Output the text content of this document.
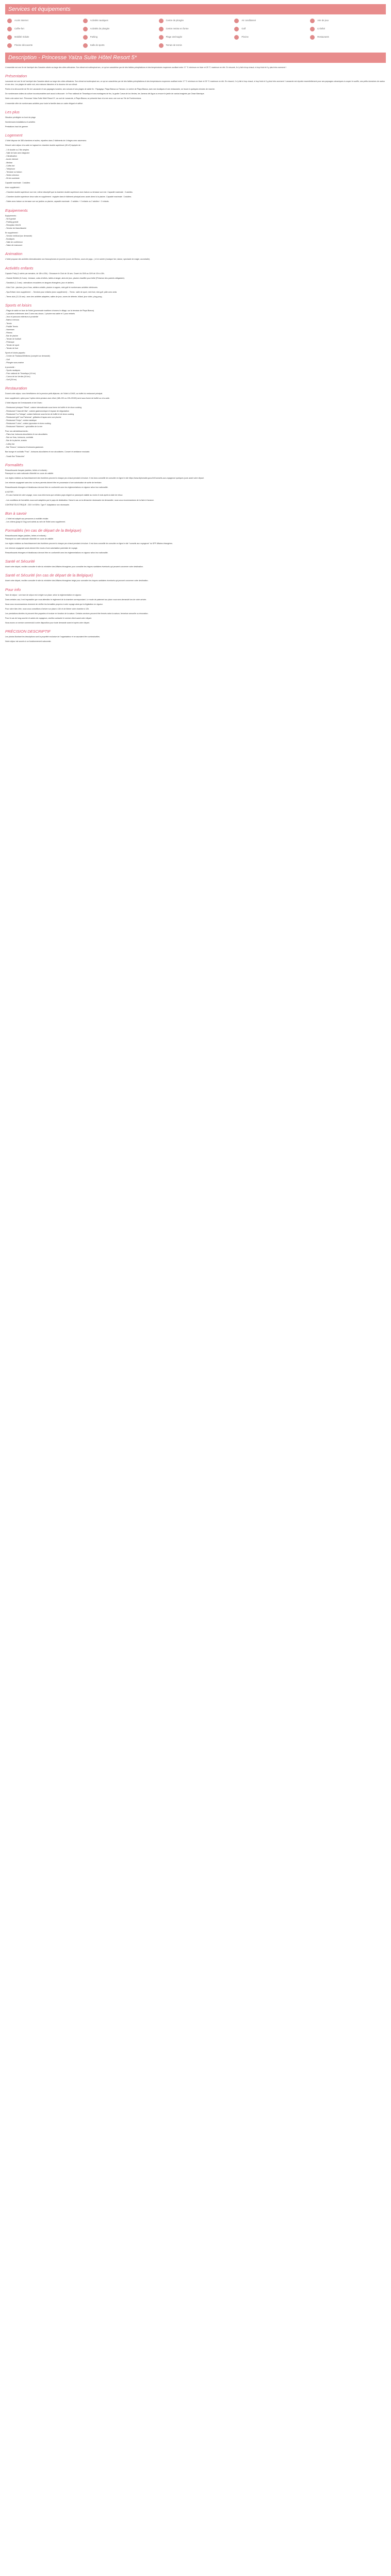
Services et équipements
Accès Internet	Activités nautiques	Centre de plongée	Air conditionné	Aire de jeux
Coffre-fort	Activités de plongée	Centre remise en forme	Golf	Lit bébé
Mobilité réduite	Parking	Plage aménagée	Piscine	Restaurants
Piscine découverte	Salle de sports	Terrain de tennis
Description - Princesse Yaïza Suite Hôtel Resort 5*

L'ensemble est une île de l'archipel des Canaries située au large des côtes africaines. Son climat est subtropical sec, ce qui se caractérise par de très faibles précipitations et des températures moyennes oscillant entre 17 °C minimum en hiver et 25 °C maximum en été. En résumé, il n'y fait ni trop chaud, ni trop froid et il y pleut très rarement !

Présentation

Lanzarote est une île de l'archipel des Canaries située au large des côtes africaines. Son climat est subtropical sec, ce qui se caractérise par de très faibles précipitations et des températures moyennes oscillant entre 17 °C minimum en hiver et 25 °C maximum en été. En résumé, il n'y fait ni trop chaud, ni trop froid et il y pleut très rarement ! Lanzarote est réputée essentiellement pour ses paysages volcaniques à couper le souffle, ses petits domaines de cactus et ses vins. Les plages de sable noir, ses maisons blanches et la douceur de son climat.

Partez à la découverte de l'île de Lanzarote et ses paysages lunaires, ses volcans et ses plages de sable fin : Papagayo, Playa Blanca ou Famara. Le centre de Playa Blanca, avec ses boutiques et ses restaurants, se trouve à quelques minutes de marche.

De nombreuses visites da culture incontournables sont aussi à découvrir : le Parc national de Timanfaya et ses montagnes de feu, la grotte Cueva de los Verdes, les Jameos del Agua ou encore le jardin de cactus imaginés par César Manrique.

Notre vote adore tout : Princesse Yaïza Suite Hôtel Resort 5*, au sud de Lanzarote, à Playa Blanca, se présente face à la mer avec une vue sur l'île de Fuerteventura.

L'ensemble offre de nombreuses activités pour toute la famille dans un cadre élégant et raffiné.

Les plus

Situation privilégiée en bord de plage

Nombreuses installations et activités

Prestations haut de gamme

Logement

L'hôtel dispose de 385 chambres et suites, réparties dans 2 bâtiments de 4 étages avec ascenseur.

Décoré votre séjour à la carte en logeant en chambre double supérieure (45 m²) équipée de :

- 1 lit double ou 2 lits simples
- Salle de bain avec baignoire
- Climatisation
- Accès Internet
- Minibar
- Coffre-fort
- Téléphone
- Terrasse ou balcon
- Sèche-cheveux
- Kit de courtoisie

Capacité maximale : 3 adultes

Avec supplément :

- Chambre double supérieure vue mer, même descriptif que la chambre double supérieure avec balcon ou terrasse vue mer. Capacité maximale : 3 adultes.

- Chambre double supérieure deux nuits en supplément : équipée dans le bâtiment principal avec accès direct à la piscine. Capacité maximale : 3 adultes.

- Suites avec balcon ou terrasse vue sur jardins ou piscine, capacité maximale : 2 adultes + 2 enfants ou 2 adultes + 2 enfants.

Equipements

Equipements :
- Wi-fi gratuit
- Parking gratuit
- Réception 24h/24
- Service de blanchisserie

En supplément :
- Service médical (sur demande)
- Boutiques
- Salle de conférence
- Salon de manucure

Animation

L'hôtel propose des activités internationales non francophones en journée (cours de fitness, cours de yoga...) et en soirée (musique live, danse, spectacle de magie, accrobatie).

Activités enfants

Capsule Party (1 soirée par semaine, de 18h à 20h) : Dinosaure le Club de 16 ans. Ouvert du 30/6 au 15/9 de 10h à 18h.

- Grande Bébête (0-3 ans) : terrasse, coins à bébés, tables à langer, aires de jeux, piscine chauffée pour bébé (Présence des parents obligatoire).

- Sandclub (1-3 ans) : animations encadrées en langues étrangères, jeux et ateliers.

- Kids Club : piscines, jeux d'eau, ateliers créatifs, piscine à vagues, mini-golf et nombreuses activités intérieures.

- Spa Enfant. Avec supplément : - Services pour enfants (avec supplément) : - Teens : salle de sport, mini foot, mini-golf, pâte avec amis

- Teens club (13-16 ans) : avec des activités adaptées, salles de jeux, zones de détente, billard, jeux vidéo, ping-pong...

Sports et loisirs

- Plage de sable en face de l'hôtel (promenade maritime à travers le village, sur la terrasse de Playa Blanca)
- 4 piscines extérieures dont 2 avec eau douce, 1 piscine eau salée et 1 pour enfants
- Jeux et parcours extérieurs à proximité
- Bains à remous
- Tennis
- Paddle Tennis
- Hammam
- Fitness
- Bar de piscine
- Terrain de football
- Pétanque
- Terrain de sport
- Terrain de foot

Sports et loisirs payants :
- Centre de Thalasso/Wellness (complet sur demande)
- Golf
- Plongée sous-marine

A proximité :
- Sports nautiques
- Parc national de Timanfaya (10 km)
- Cueva de los Verdes (44 km)
- Golf (25 km)

Restauration

Durant votre séjour, vous bénéficierez de la pension petit-déjeuner, de l'hôtel à 10h00, au buffet du restaurant principal.

Avec supplément, optez pour l'option demi-pension avec dîner (18h-22h ou 19h-22h30) servi sous forme de buffet ou à la carte.

L'hôtel dispose de 8 restaurants et de 6 bars :

- Restaurant principal "Ritual", cuisine internationale sous forme de buffet et de show cooking
- Restaurant "Casa del Mar", cuisine gastronomique et espace de dégustation
- Restaurant "La Tortuga", cuisine italienne sous forme de buffet et de show cooking
- Restaurant grill "Las Palmeras", grillades et tapas avec vue piscine
- Restaurant "Koiyu", cuisine asiatique
- Restaurant "Lotus", cuisine japonaise et show cooking
- Restaurant "Marinero", spécialités de la mer

Pour vos rafraîchissements :
- Piano bar, boissons alcoolisées et non alcoolisées
- Bar sur l'eau, boissons, cocktails
- Bar de la piscine, snacks
- Lobby bar
- Bar "Kiosco", boissons et boissons gazeuses

Bar lounge et cocktails "Frau" - boissons alcoolisées et non alcoolisées. Concert et ambiance musicale.

- Snack Bar "Estacoles"

Formalités

Ressortissants français (adultes, bébés et enfants) :
Passeport ou carte nationale d'identité en cours de validité.

Les règles relatives au franchissement des frontières peuvent à chaque peu chaud pendant à évoluer. Il est donc conseillé de consulter en ligne le site https://www.diplomatie.gouv.fr/fr/conseils-aux-voyageurs/ quelques jours avant votre départ.

Les mineurs voyageant sans leur ou leurs parents doivent être en possession d'une autorisation de sortie de territoire.

Ressortissants étrangers et binationaux devront être en conformité avec les réglementations en vigueur selon leur nationalité.

A NOTER :
- En cas d'achat de votre voyage, nous vous informons que certains pays exigent un passeport valable au moins 6 mois après la date de retour.

- Les conditions de formalités nous sont adaptées par le pays de destination. Dans le cas où la démarche nécessaire est demandée, nous vous recommandons de la faire à l'avance.

CONTRAT ÉLECTRIQUE : 230 V et 50Hz. Type F. Adaptateur non nécessaire.

Bon à savoir

- L'hôtel est adapté aux personnes à mobilité réduite.
- Les chiens (jusqu'à 5 kg) sont admis au sein de l'hôtel avec supplément.

Formalités (en cas de départ de la Belgique)

Ressortissants belges (adultes, bébés et enfants) :
Passeport ou carte nationale d'identité en cours de validité.

Les règles relatives au franchissement des frontières peuvent à chaque peu chaud pendant à évoluer. Il est donc conseillé de consulter en ligne le site "conseils aux voyageurs" du SPF Affaires étrangères.

Les mineurs voyageant seuls doivent être munis d'une autorisation parentale de voyage.

Ressortissants étrangers et binationaux devront être en conformité avec les réglementations en vigueur selon leur nationalité.

Santé et Sécurité

Avant votre départ, veuillez consulter le site du ministère des Affaires étrangères pour connaître les risques sanitaires éventuels qui peuvent concerner votre destination.

Santé et Sécurité (en cas de départ de la Belgique)

Avant votre départ, veuillez consulter le site du ministère des Affaires étrangères belge pour connaître les risques sanitaires éventuels qui peuvent concerner votre destination.

Pour info

Taxe de séjour : une taxe de séjour est à régler sur place, selon la réglementation en vigueur.

Dans certains cas, il est impossible que vous attendiez le règlement de la chambre correspondant. Le mode de paiement sur place vous sera demandé lors de votre arrivée.

Nous vous recommandons vivement de vérifier les formalités propres à votre voyage ainsi que la législation en vigueur.

Pour votre bien-être, nous vous conseillons d'arriver sur place à 14h et de libérer votre chambre à 12h.

Les prestations décrites ici peuvent être payantes et évoluer en fonction de la saison. Certains services peuvent être fermés selon la saison, fermeture annuelle ou rénovation.

Pour le cas de long courrier et autres de voyageurs, veuillez contacter le service client avant votre départ.

Nous avons un service commercial à votre disposition pour toute demande avant et après votre départ.

PRÉCISION DESCRIPTIF

Les photos illustrant les descriptions sont la propriété exclusive de l'organisateur et ne sauraient être contractuelles.

Notre séjour est soumis à un fonctionnement saisonnier.
